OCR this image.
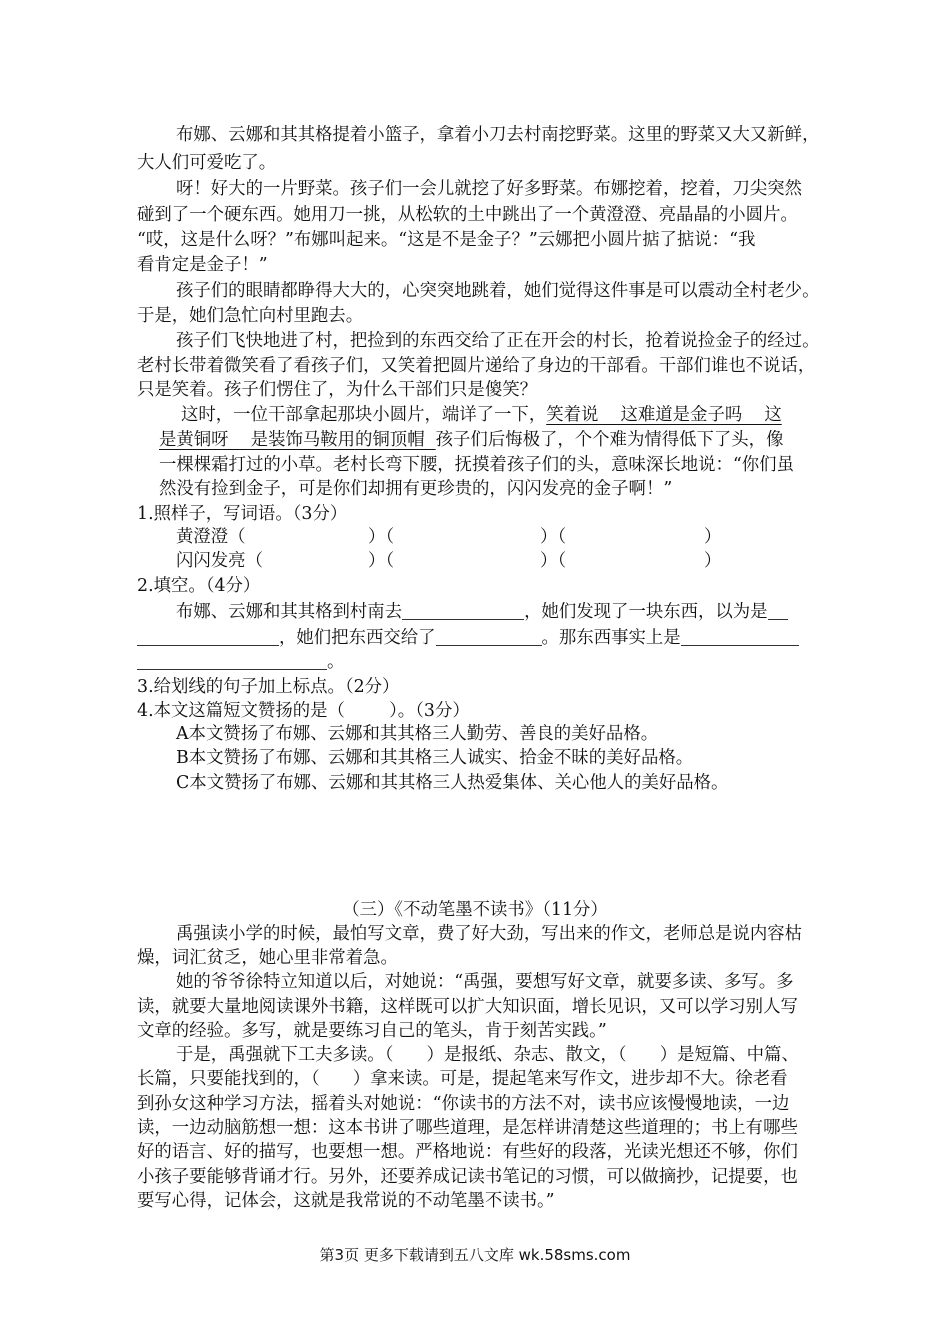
布娜、云娜和其其格提着小篮子，拿着小刀去村南挖野菜。这里的野菜又大又新鲜，
大人们可爱吃了。
呀！好大的一片野菜。孩子们一会儿就挖了好多野菜。布娜挖着，挖着，刀尖突然
碰到了一个硬东西。她用刀一挑，从松软的土中跳出了一个黄澄澄、亮晶晶的小圆片。
“哎，这是什么呀？”布娜叫起来。“这是不是金子？”云娜把小圆片掂了掂说：“我
看肯定是金子！”
孩子们的眼睛都睁得大大的，心突突地跳着，她们觉得这件事是可以震动全村老少。
于是，她们急忙向村里跑去。
孩子们飞快地进了村，把捡到的东西交给了正在开会的村长，抢着说捡金子的经过。
老村长带着微笑看了看孩子们，又笑着把圆片递给了身边的干部看。干部们谁也不说话，
只是笑着。孩子们愣住了，为什么干部们只是傻笑？
这时，一位干部拿起那块小圆片，端详了一下，笑着说    这难道是金子吗    这
是黄铜呀    是装饰马鞍用的铜顶帽  孩子们后悔极了，个个难为情得低下了头，像
一棵棵霜打过的小草。老村长弯下腰，抚摸着孩子们的头，意味深长地说：“你们虽
然没有捡到金子，可是你们却拥有更珍贵的，闪闪发亮的金子啊！”
1.照样子，写词语。（3分）
黄澄澄（	）（	）（	）
闪闪发亮（	）（	）（	）
2.填空。（4分）
布娜、云娜和其其格到村南去	，她们发现了一块东西，以为是
，她们把东西交给了	。那东西事实上是
。
3.给划线的句子加上标点。（2分）
4.本文这篇短文赞扬的是（        ）。（3分）
A本文赞扬了布娜、云娜和其其格三人勤劳、善良的美好品格。
B本文赞扬了布娜、云娜和其其格三人诚实、拾金不昧的美好品格。
C本文赞扬了布娜、云娜和其其格三人热爱集体、关心他人的美好品格。
（三）《不动笔墨不读书》（11分）
禹强读小学的时候，最怕写文章，费了好大劲，写出来的作文，老师总是说内容枯
燥，词汇贫乏，她心里非常着急。
她的爷爷徐特立知道以后，对她说：“禹强，要想写好文章，就要多读、多写。多
读，就要大量地阅读课外书籍，这样既可以扩大知识面，增长见识，又可以学习别人写
文章的经验。多写，就是要练习自己的笔头，肯于刻苦实践。”
于是，禹强就下工夫多读。（      ）是报纸、杂志、散文，（      ）是短篇、中篇、
长篇，只要能找到的，（      ）拿来读。可是，提起笔来写作文，进步却不大。徐老看
到孙女这种学习方法，摇着头对她说：“你读书的方法不对，读书应该慢慢地读，一边
读，一边动脑筋想一想：这本书讲了哪些道理，是怎样讲清楚这些道理的；书上有哪些
好的语言、好的描写，也要想一想。严格地说：有些好的段落，光读光想还不够，你们
小孩子要能够背诵才行。另外，还要养成记读书笔记的习惯，可以做摘抄，记提要，也
要写心得，记体会，这就是我常说的不动笔墨不读书。”
第3页 更多下载请到五八文库 wk.58sms.com
